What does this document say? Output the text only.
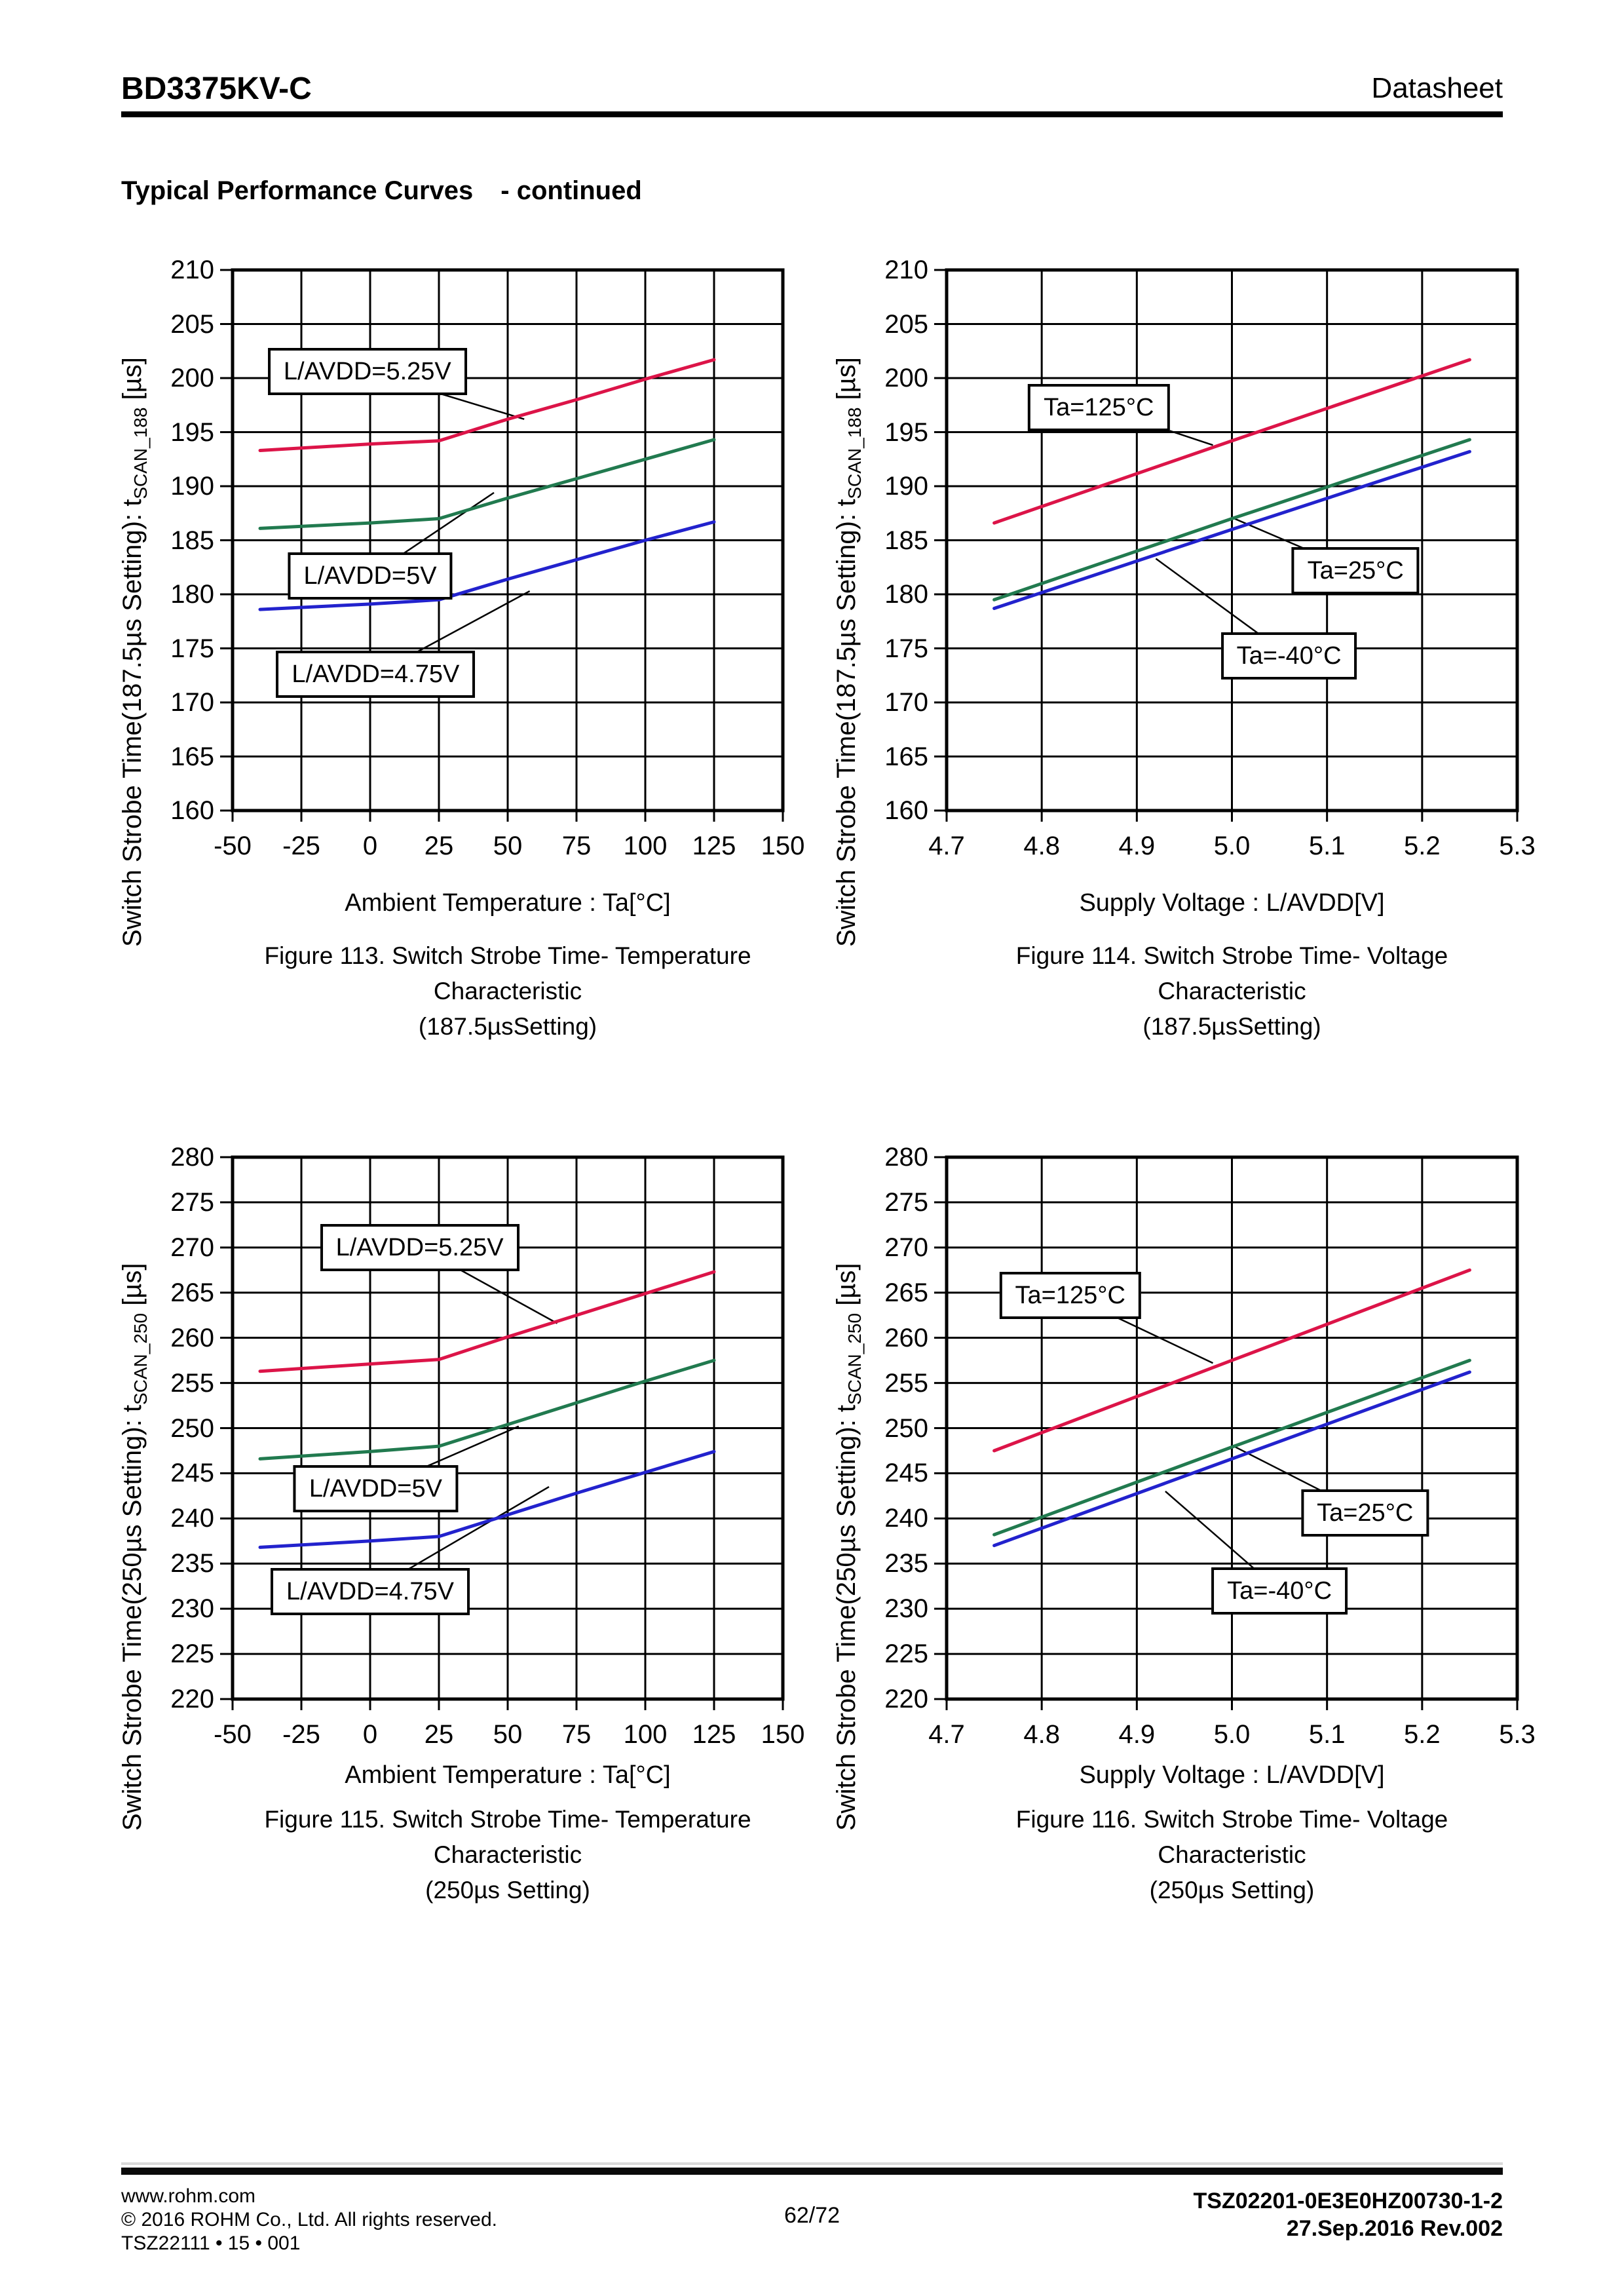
BD3375KV-C	Datasheet
Typical Performance Curves - continued
Switch Strobe Time(187.5µs Setting): $t_{SCAN\_188}$ [µs]
Ambient Temperature : Ta[°C]
Figure 113. Switch Strobe Time- Temperature Characteristic
(187.5µsSetting)
160
165
170
175
180
185
190
195
200
205
210
-50	-25	0	25	50	75	100 125 150
L/AVDD=5.25V
L/AVDD=5V
L/AVDD=4.75V	Switch Strobe Time(187.5µs Setting): $t_{SCAN\_188}$ [µs]
Supply Voltage : L/AVDD[V]
Figure 114. Switch Strobe Time- Voltage Characteristic
(187.5µsSetting)
160
165
170
175
180
185
190
195
200
205
210
4.7	4.8	4.9	5.0	5.1	5.2	5.3
Ta=125°C
Ta=25°C
Ta=-40°C
Switch Strobe Time(250µs Setting): $t_{SCAN\_250}$ [µs]
Ambient Temperature : Ta[°C]
Figure 115. Switch Strobe Time- Temperature Characteristic
(250µs Setting)
220
225
230
235
240
245
250
255
260
265
270
275
280
-50	-25	0	25	50	75	100 125 150
L/AVDD=5.25V
L/AVDD=5V
L/AVDD=4.75V	Switch Strobe Time(250µs Setting): $t_{SCAN\_250}$ [µs]
Supply Voltage : L/AVDD[V]
Figure 116. Switch Strobe Time- Voltage Characteristic
(250µs Setting)
220
225
230
235
240
245
250
255
260
265
270
275
280
4.7	4.8	4.9	5.0	5.1	5.2	5.3
Ta=125°C
Ta=25°C
Ta=-40°C
www.rohm.com
© 2016 ROHM Co., Ltd. All rights reserved.
TSZ22111 • 15 • 001
62/72
TSZ02201-0E3E0HZ00730-1-2
27.Sep.2016 Rev.002
